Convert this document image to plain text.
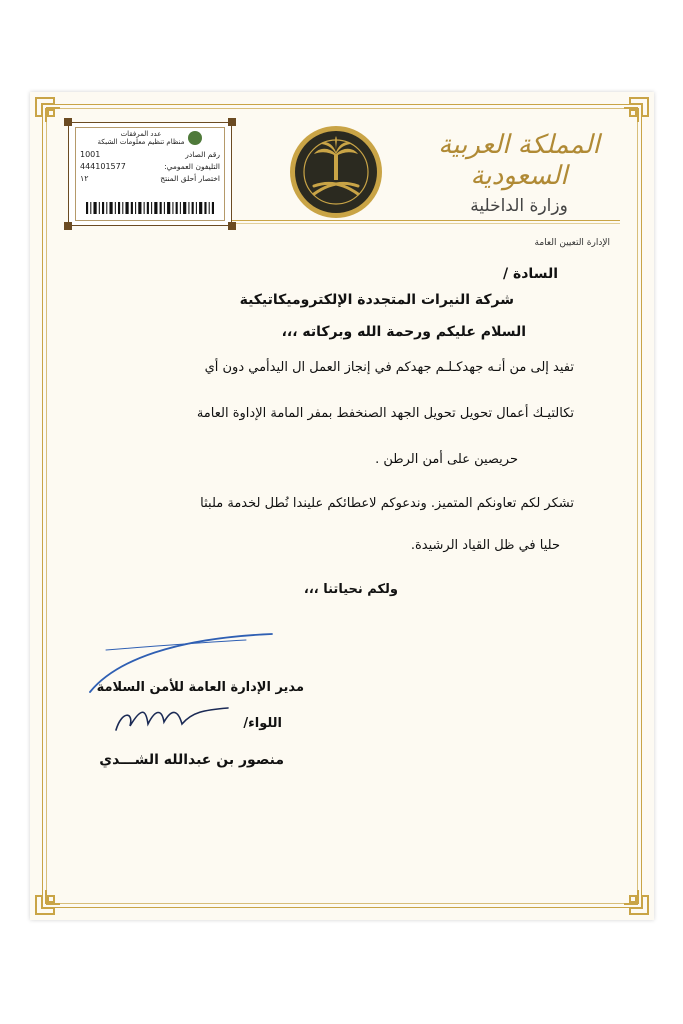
المملكة العربية السعودية
وزارة الداخلية
عدد المرفقات
منظام تنظيم معلومات الشبكة
رقم الصادر
1001
التليفون العمومي:
444101577
اختصار أحلق المنتج
١٢
الإدارة التعيين العامة
السادة /
شركة النيرات المتجددة الإلكتروميكاتيكية
السلام عليكم ورحمة الله وبركاته ،،،
تفيد إلى من أنـه جهدكـلـم جهدكم في إنجاز العمل ال اليدأمي دون أي
تكالتيـك أعمال تحويل تحويل الجهد الصنخفط بمفر المامة الإداوة العامة
حريصين على أمن الرطن .
تشكر لكم تعاونكم المتميز. وندعوكم لاعطائكم عليندا نُطل لخدمة ملبثا
حليا في ظل القياد الرشيدة.
ولكم نحياتنا ،،،
مدير الإدارة العامة للأمن السلامة
اللواء/
منصور بن عبدالله الشـــدي
